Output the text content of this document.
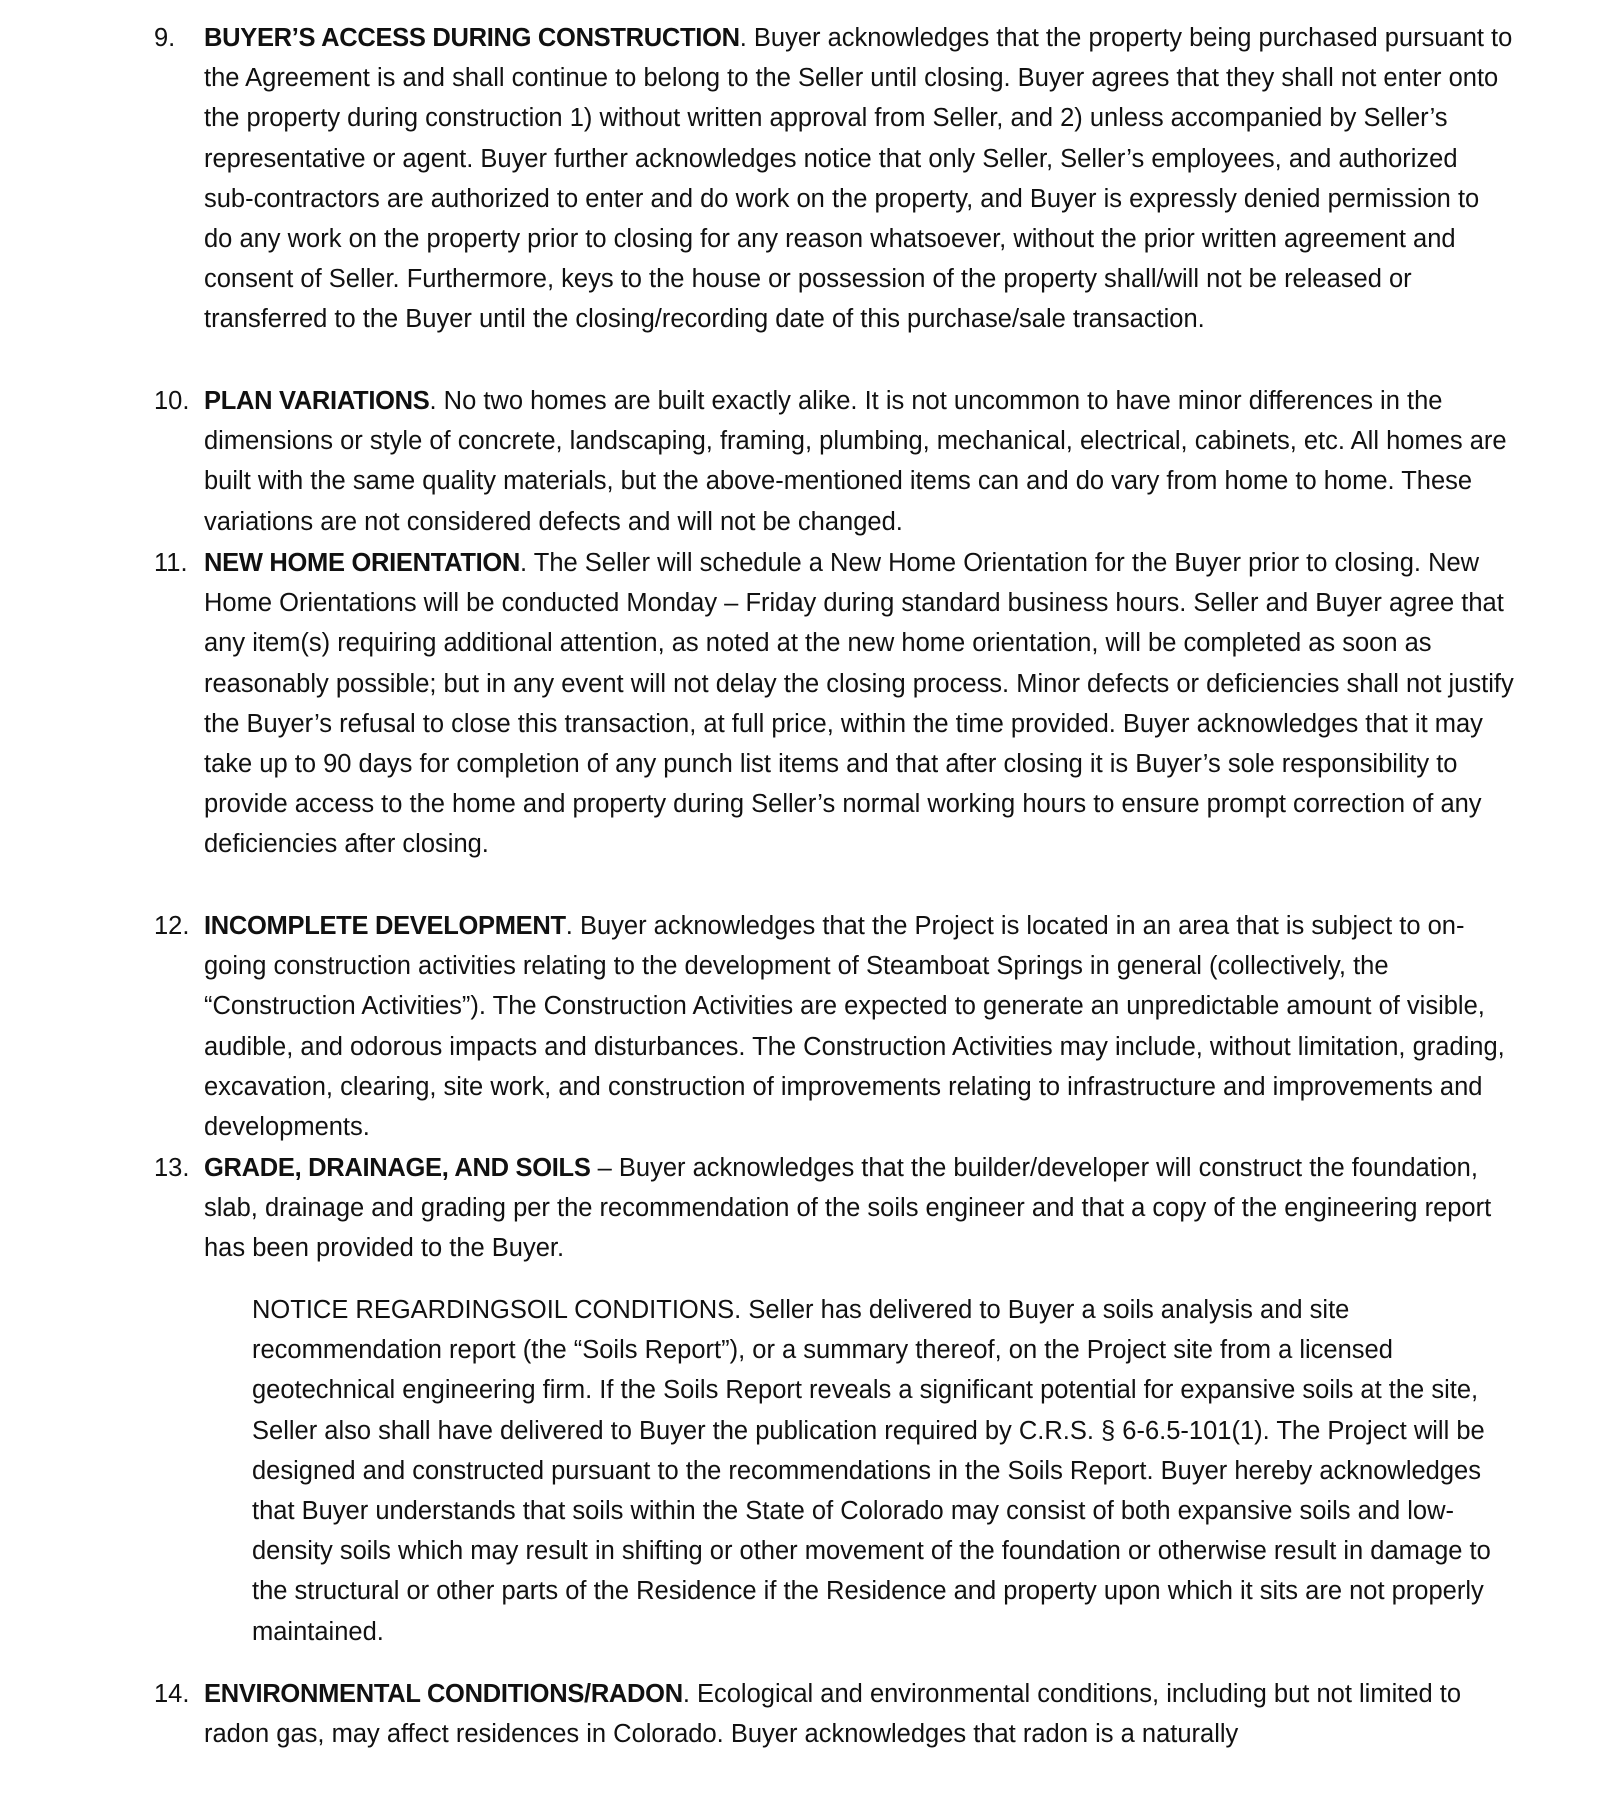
9.	BUYER’S ACCESS DURING CONSTRUCTION. Buyer acknowledges that the property being purchased pursuant to the Agreement is and shall continue to belong to the Seller until closing. Buyer agrees that they shall not enter onto the property during construction 1) without written approval from Seller, and 2) unless accompanied by Seller’s representative or agent. Buyer further acknowledges notice that only Seller, Seller’s employees, and authorized sub-contractors are authorized to enter and do work on the property, and Buyer is expressly denied permission to do any work on the property prior to closing for any reason whatsoever, without the prior written agreement and consent of Seller. Furthermore, keys to the house or possession of the property shall/will not be released or transferred to the Buyer until the closing/recording date of this purchase/sale transaction.
10. PLAN VARIATIONS. No two homes are built exactly alike. It is not uncommon to have minor differences in the dimensions or style of concrete, landscaping, framing, plumbing, mechanical, electrical, cabinets, etc. All homes are built with the same quality materials, but the above-mentioned items can and do vary from home to home. These variations are not considered defects and will not be changed.
11. NEW HOME ORIENTATION. The Seller will schedule a New Home Orientation for the Buyer prior to closing. New Home Orientations will be conducted Monday – Friday during standard business hours. Seller and Buyer agree that any item(s) requiring additional attention, as noted at the new home orientation, will be completed as soon as reasonably possible; but in any event will not delay the closing process. Minor defects or deficiencies shall not justify the Buyer’s refusal to close this transaction, at full price, within the time provided. Buyer acknowledges that it may take up to 90 days for completion of any punch list items and that after closing it is Buyer’s sole responsibility to provide access to the home and property during Seller’s normal working hours to ensure prompt correction of any deficiencies after closing.
12. INCOMPLETE DEVELOPMENT. Buyer acknowledges that the Project is located in an area that is subject to on-going construction activities relating to the development of Steamboat Springs in general (collectively, the “Construction Activities”). The Construction Activities are expected to generate an unpredictable amount of visible, audible, and odorous impacts and disturbances. The Construction Activities may include, without limitation, grading, excavation, clearing, site work, and construction of improvements relating to infrastructure and improvements and developments.
13. GRADE, DRAINAGE, AND SOILS – Buyer acknowledges that the builder/developer will construct the foundation, slab, drainage and grading per the recommendation of the soils engineer and that a copy of the engineering report has been provided to the Buyer.
NOTICE REGARDINGSOIL CONDITIONS. Seller has delivered to Buyer a soils analysis and site recommendation report (the “Soils Report”), or a summary thereof, on the Project site from a licensed geotechnical engineering firm. If the Soils Report reveals a significant potential for expansive soils at the site, Seller also shall have delivered to Buyer the publication required by C.R.S. § 6-6.5-101(1). The Project will be designed and constructed pursuant to the recommendations in the Soils Report. Buyer hereby acknowledges that Buyer understands that soils within the State of Colorado may consist of both expansive soils and low-density soils which may result in shifting or other movement of the foundation or otherwise result in damage to the structural or other parts of the Residence if the Residence and property upon which it sits are not properly maintained.
14. ENVIRONMENTAL CONDITIONS/RADON. Ecological and environmental conditions, including but not limited to radon gas, may affect residences in Colorado. Buyer acknowledges that radon is a naturally
